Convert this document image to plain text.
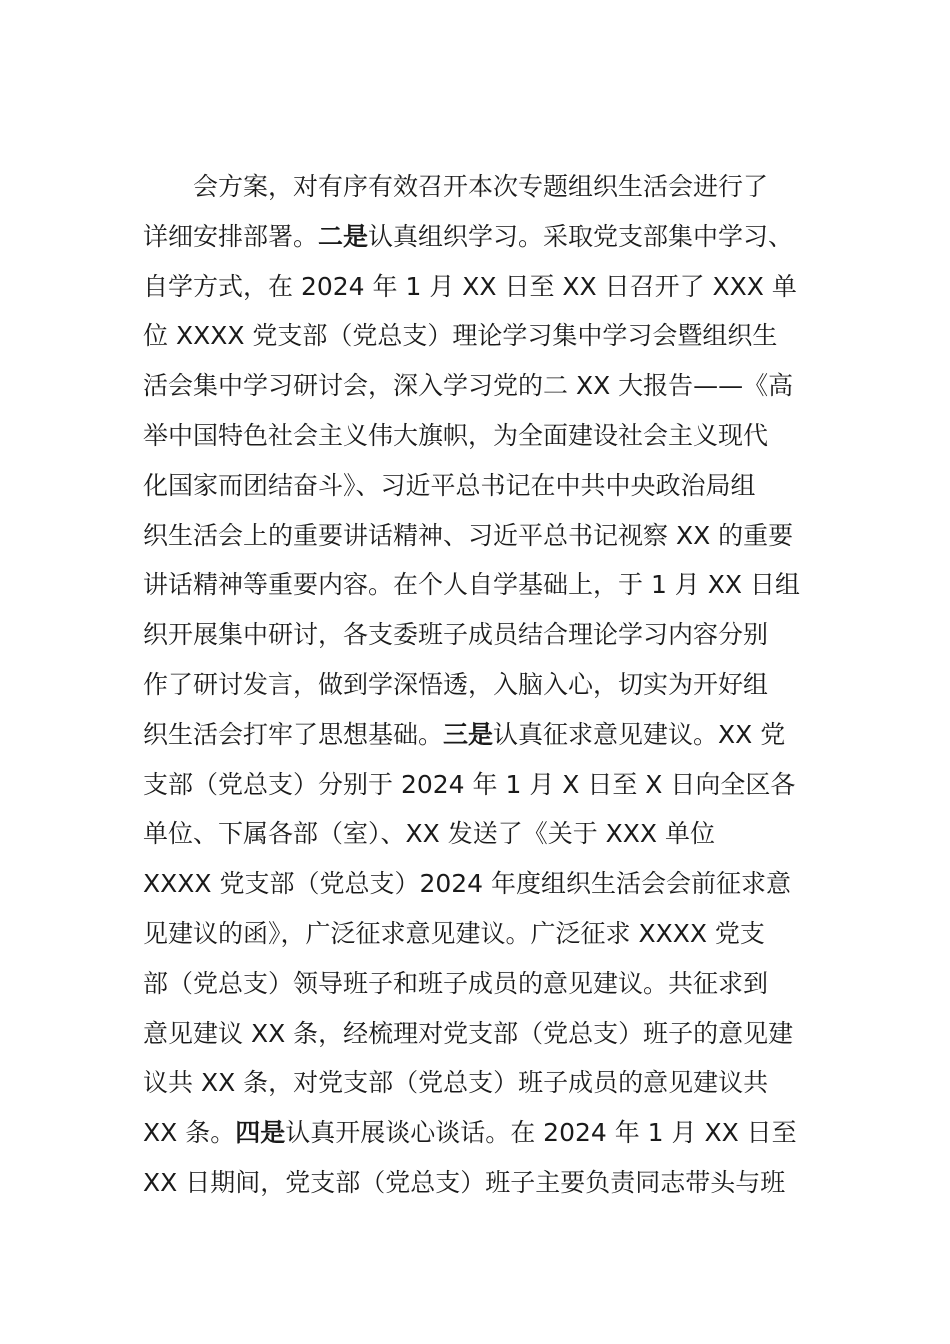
会方案，对有序有效召开本次专题组织生活会进行了
详细安排部署。二是认真组织学习。采取党支部集中学习、
自学方式，在 2024 年 1 月 XX 日至 XX 日召开了 XXX 单
位 XXXX 党支部（党总支）理论学习集中学习会暨组织生
活会集中学习研讨会，深入学习党的二 XX 大报告——《高
举中国特色社会主义伟大旗帜，为全面建设社会主义现代
化国家而团结奋斗》、习近平总书记在中共中央政治局组
织生活会上的重要讲话精神、习近平总书记视察 XX 的重要
讲话精神等重要内容。在个人自学基础上，于 1 月 XX 日组
织开展集中研讨，各支委班子成员结合理论学习内容分别
作了研讨发言，做到学深悟透，入脑入心，切实为开好组
织生活会打牢了思想基础。三是认真征求意见建议。XX 党
支部（党总支）分别于 2024 年 1 月 X 日至 X 日向全区各
单位、下属各部（室）、XX 发送了《关于 XXX 单位
XXXX 党支部（党总支）2024 年度组织生活会会前征求意
见建议的函》，广泛征求意见建议。广泛征求 XXXX 党支
部（党总支）领导班子和班子成员的意见建议。共征求到
意见建议 XX 条，经梳理对党支部（党总支）班子的意见建
议共 XX 条，对党支部（党总支）班子成员的意见建议共
XX 条。四是认真开展谈心谈话。在 2024 年 1 月 XX 日至
XX 日期间，党支部（党总支）班子主要负责同志带头与班
